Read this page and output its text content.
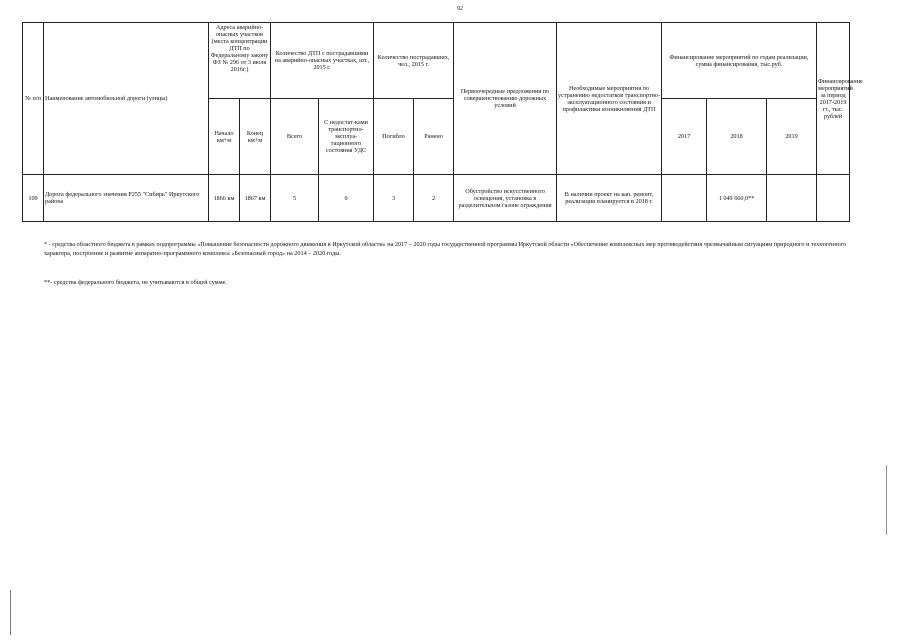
92
№ п/п	Наименование автомобильной дороги (улицы)	Адреса аварийно-опасных участков (места концентрации ДТП по Федеральному закону ФЗ № 296 от 3 июля 2016г.)		Количество ДТП с пострадавшими на аварийно-опасных участках, шт., 2015 г.		Количество пострадавших, чел., 2015 г.		Первоочередные предложения по совершенствованию дорожных условий	Необходимые мероприятия по устранению недостатков транспортно-эксплуатационного состояния и профилактики возникновения ДТП	Финансирование мероприятий по годам реализации, сумма финансирования, тыс.руб.			Финансирование мероприятий за период 2017-2019 гг., тыс. рублей
		Начало км+м	Конец км+м	Всего	С недостат-ками транспортно-эксплуа-тационного состояния УДС	Погибло	Ранено			2017	2018	2019	
109	Дорога федерального значения Р255 "Сибирь" Иркутского района	1866 км	1867 км	5	0	3	2	Обустройство искусственного освещения, установка в разделительном газоне ограждения	В наличии проект на кап. ремонт, реализация планируется в 2018 г.		1 049 660,0**		
* - средства областного бюджета в рамках подпрограммы «Повышение безопасности дорожного движения в Иркутской области» на 2017 – 2020 годы государственной программы Иркутской области «Обеспечение комплексных мер противодействия чрезвычайным ситуациям природного и техногенного характера, построение и развитие аппаратно-программного комплекса «Безопасный город» на 2014 – 2020 годы.
**- средства федерального бюджета, не учитываются в общей сумме.
